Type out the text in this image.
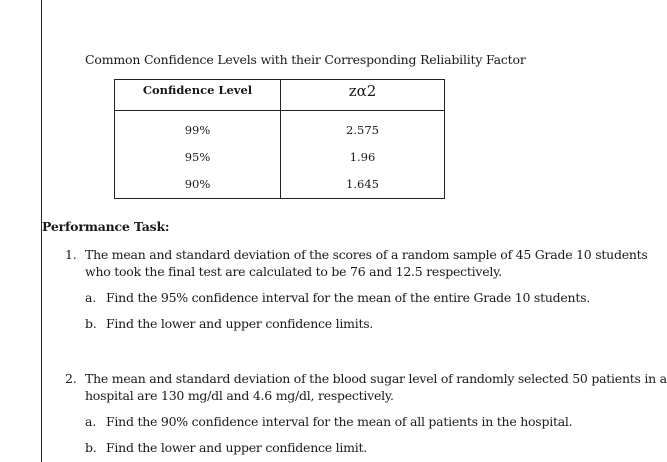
Common Confidence Levels with their Corresponding Reliability Factor
Confidence Level	zα2
99%	2.575
95%	1.96
90%	1.645
Performance Task:
1. The mean and standard deviation of the scores of a random sample of 45 Grade 10 students who took the final test are calculated to be 76 and 12.5 respectively.
a. Find the 95% confidence interval for the mean of the entire Grade 10 students.
b. Find the lower and upper confidence limits.
2. The mean and standard deviation of the blood sugar level of randomly selected 50 patients in a hospital are 130 mg/dl and 4.6 mg/dl, respectively.
a. Find the 90% confidence interval for the mean of all patients in the hospital.
b. Find the lower and upper confidence limit.
